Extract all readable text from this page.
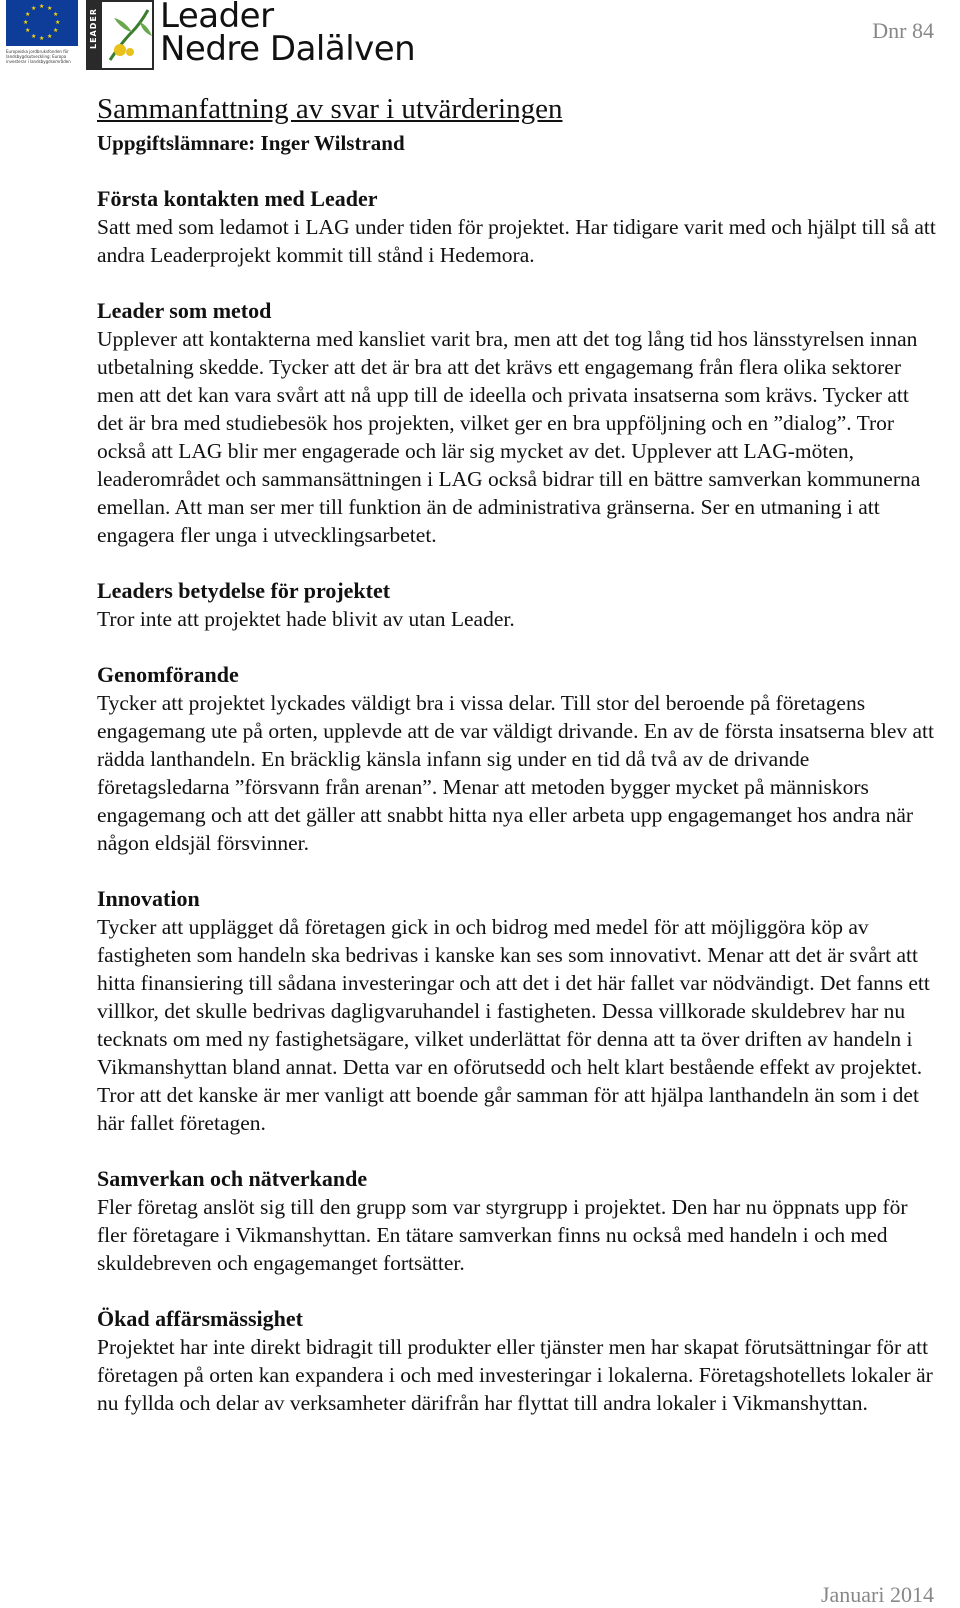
★ ★
★
★
★
★
★
★
★
★
★
★
Europeiska jordbruksfonden för landsbygdsutveckling: Europa investerar i landsbygdsområden
LEADER Leader
Nedre Dalälven	Dnr 84
Sammanfattning av svar i utvärderingen

Uppgiftslämnare: Inger Wilstrand

Första kontakten med Leader

Satt med som ledamot i LAG under tiden för projektet. Har tidigare varit med och hjälpt till så att andra Leaderprojekt kommit till stånd i Hedemora.

Leader som metod

Upplever att kontakterna med kansliet varit bra, men att det tog lång tid hos länsstyrelsen innan utbetalning skedde. Tycker att det är bra att det krävs ett engagemang från flera olika sektorer men att det kan vara svårt att nå upp till de ideella och privata insatserna som krävs. Tycker att det är bra med studiebesök hos projekten, vilket ger en bra uppföljning och en ”dialog”. Tror också att LAG blir mer engagerade och lär sig mycket av det. Upplever att LAG-möten, leaderområdet och sammansättningen i LAG också bidrar till en bättre samverkan kommunerna emellan. Att man ser mer till funktion än de administrativa gränserna. Ser en utmaning i att engagera fler unga i utvecklingsarbetet.

Leaders betydelse för projektet

Tror inte att projektet hade blivit av utan Leader.

Genomförande

Tycker att projektet lyckades väldigt bra i vissa delar. Till stor del beroende på företagens engagemang ute på orten, upplevde att de var väldigt drivande. En av de första insatserna blev att rädda lanthandeln. En bräcklig känsla infann sig under en tid då två av de drivande företagsledarna ”försvann från arenan”. Menar att metoden bygger mycket på människors engagemang och att det gäller att snabbt hitta nya eller arbeta upp engagemanget hos andra när någon eldsjäl försvinner.

Innovation

Tycker att upplägget då företagen gick in och bidrog med medel för att möjliggöra köp av fastigheten som handeln ska bedrivas i kanske kan ses som innovativt. Menar att det är svårt att hitta finansiering till sådana investeringar och att det i det här fallet var nödvändigt. Det fanns ett villkor, det skulle bedrivas dagligvaruhandel i fastigheten. Dessa villkorade skuldebrev har nu tecknats om med ny fastighetsägare, vilket underlättat för denna att ta över driften av handeln i Vikmanshyttan bland annat. Detta var en oförutsedd och helt klart bestående effekt av projektet. Tror att det kanske är mer vanligt att boende går samman för att hjälpa lanthandeln än som i det här fallet företagen.

Samverkan och nätverkande

Fler företag anslöt sig till den grupp som var styrgrupp i projektet. Den har nu öppnats upp för fler företagare i Vikmanshyttan. En tätare samverkan finns nu också med handeln i och med skuldebreven och engagemanget fortsätter.

Ökad affärsmässighet

Projektet har inte direkt bidragit till produkter eller tjänster men har skapat förutsättningar för att företagen på orten kan expandera i och med investeringar i lokalerna. Företagshotellets lokaler är nu fyllda och delar av verksamheter därifrån har flyttat till andra lokaler i Vikmanshyttan.

Januari 2014
